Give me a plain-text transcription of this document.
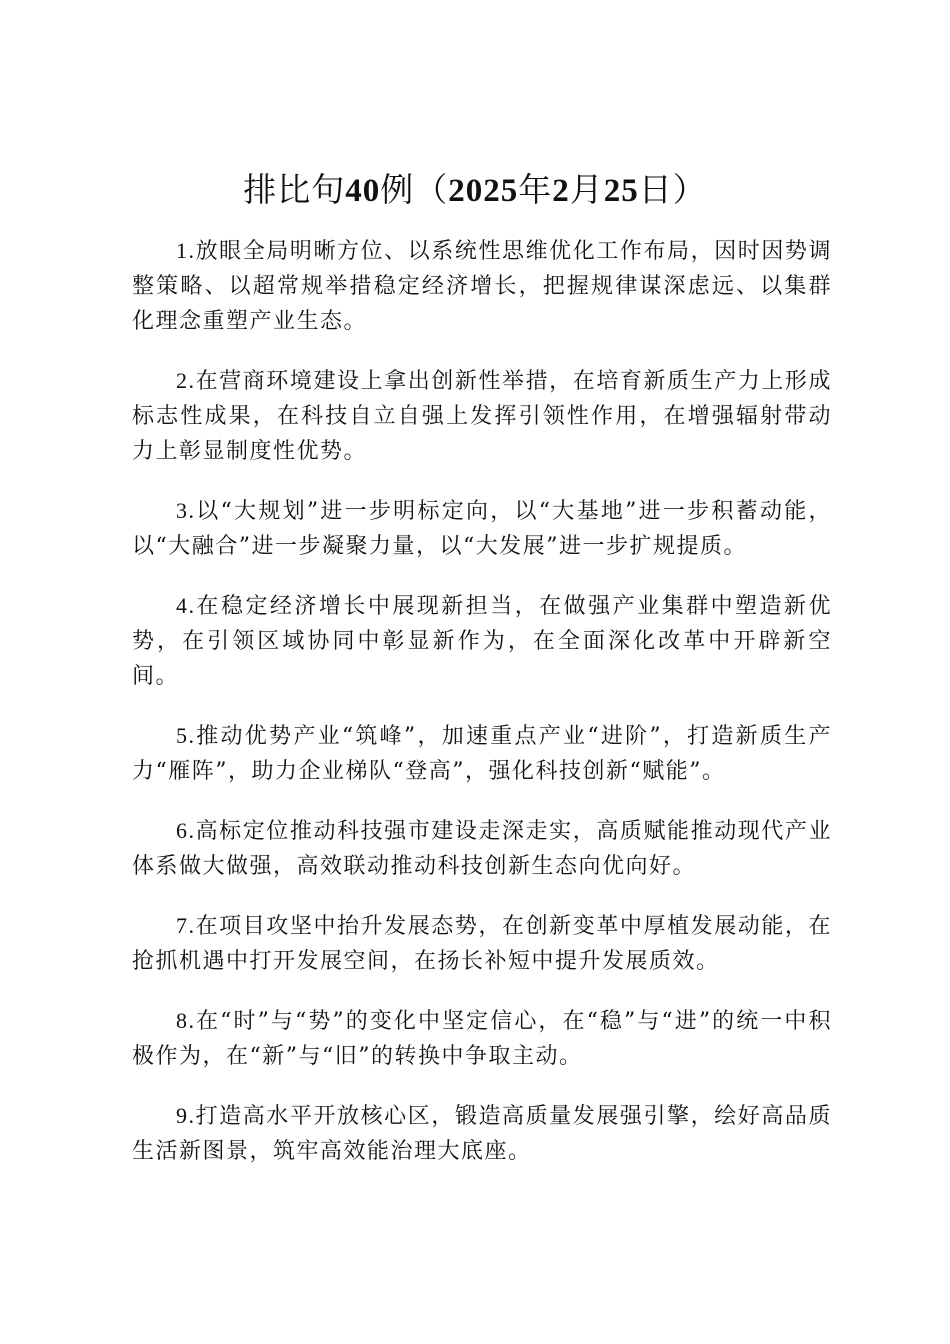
排比句40例（2025年2月25日）

1.放眼全局明晰方位、以系统性思维优化工作布局，因时因势调整策略、以超常规举措稳定经济增长，把握规律谋深虑远、以集群化理念重塑产业生态。

2.在营商环境建设上拿出创新性举措，在培育新质生产力上形成标志性成果，在科技自立自强上发挥引领性作用，在增强辐射带动力上彰显制度性优势。

3.以“大规划”进一步明标定向，以“大基地”进一步积蓄动能，以“大融合”进一步凝聚力量，以“大发展”进一步扩规提质。

4.在稳定经济增长中展现新担当，在做强产业集群中塑造新优势，在引领区域协同中彰显新作为，在全面深化改革中开辟新空间。

5.推动优势产业“筑峰”，加速重点产业“进阶”，打造新质生产力“雁阵”，助力企业梯队“登高”，强化科技创新“赋能”。

6.高标定位推动科技强市建设走深走实，高质赋能推动现代产业体系做大做强，高效联动推动科技创新生态向优向好。

7.在项目攻坚中抬升发展态势，在创新变革中厚植发展动能，在抢抓机遇中打开发展空间，在扬长补短中提升发展质效。

8.在“时”与“势”的变化中坚定信心，在“稳”与“进”的统一中积极作为，在“新”与“旧”的转换中争取主动。

9.打造高水平开放核心区，锻造高质量发展强引擎，绘好高品质生活新图景，筑牢高效能治理大底座。
